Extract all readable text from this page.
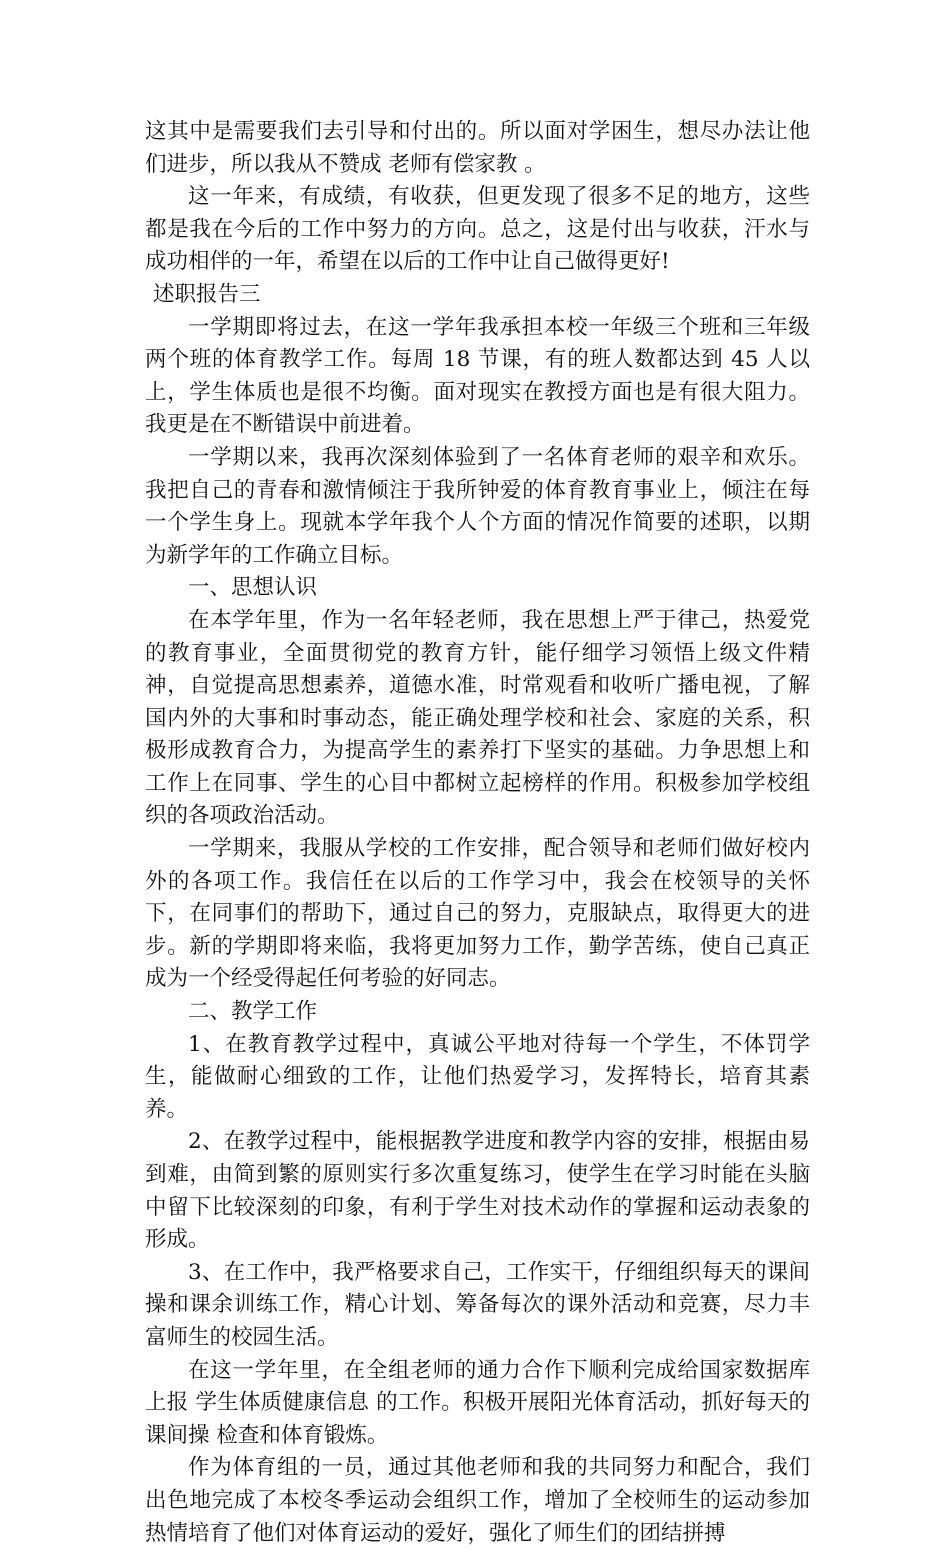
这其中是需要我们去引导和付出的。所以面对学困生，想尽办法让他们进步，所以我从不赞成 老师有偿家教 。

这一年来，有成绩，有收获，但更发现了很多不足的地方，这些都是我在今后的工作中努力的方向。总之，这是付出与收获，汗水与成功相伴的一年，希望在以后的工作中让自己做得更好!

述职报告三

一学期即将过去，在这一学年我承担本校一年级三个班和三年级两个班的体育教学工作。每周 18 节课，有的班人数都达到 45 人以上，学生体质也是很不均衡。面对现实在教授方面也是有很大阻力。我更是在不断错误中前进着。

一学期以来，我再次深刻体验到了一名体育老师的艰辛和欢乐。我把自己的青春和激情倾注于我所钟爱的体育教育事业上，倾注在每一个学生身上。现就本学年我个人个方面的情况作简要的述职，以期为新学年的工作确立目标。

一、思想认识

在本学年里，作为一名年轻老师，我在思想上严于律己，热爱党的教育事业，全面贯彻党的教育方针，能仔细学习领悟上级文件精神，自觉提高思想素养，道德水准，时常观看和收听广播电视，了解国内外的大事和时事动态，能正确处理学校和社会、家庭的关系，积极形成教育合力，为提高学生的素养打下坚实的基础。力争思想上和工作上在同事、学生的心目中都树立起榜样的作用。积极参加学校组织的各项政治活动。

一学期来，我服从学校的工作安排，配合领导和老师们做好校内外的各项工作。我信任在以后的工作学习中，我会在校领导的关怀下，在同事们的帮助下，通过自己的努力，克服缺点，取得更大的进步。新的学期即将来临，我将更加努力工作，勤学苦练，使自己真正成为一个经受得起任何考验的好同志。

二、教学工作

1、在教育教学过程中，真诚公平地对待每一个学生，不体罚学生，能做耐心细致的工作，让他们热爱学习，发挥特长，培育其素养。

2、在教学过程中，能根据教学进度和教学内容的安排，根据由易到难，由简到繁的原则实行多次重复练习，使学生在学习时能在头脑中留下比较深刻的印象，有利于学生对技术动作的掌握和运动表象的形成。

3、在工作中，我严格要求自己，工作实干，仔细组织每天的课间操和课余训练工作，精心计划、筹备每次的课外活动和竞赛，尽力丰富师生的校园生活。

在这一学年里，在全组老师的通力合作下顺利完成给国家数据库上报 学生体质健康信息 的工作。积极开展阳光体育活动，抓好每天的 课间操 检查和体育锻炼。

作为体育组的一员，通过其他老师和我的共同努力和配合，我们出色地完成了本校冬季运动会组织工作，增加了全校师生的运动参加热情培育了他们对体育运动的爱好，强化了师生们的团结拼搏
